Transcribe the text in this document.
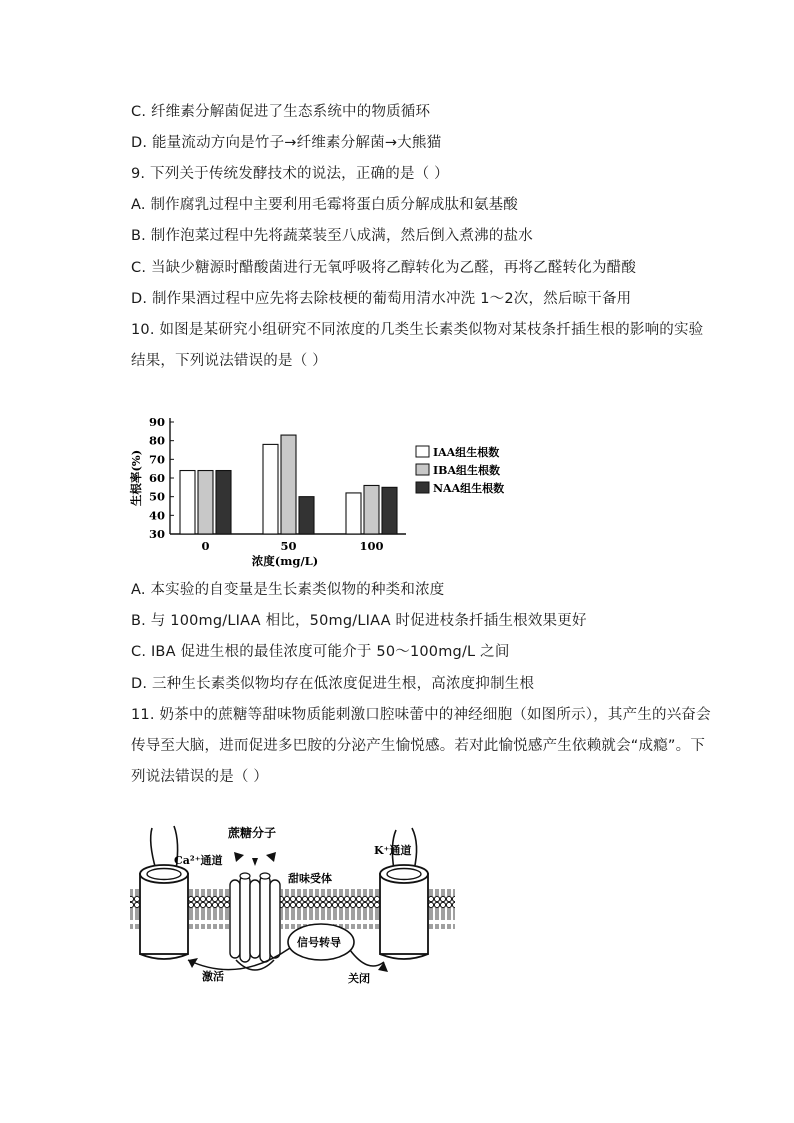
C. 纤维素分解菌促进了生态系统中的物质循环
D. 能量流动方向是竹子→纤维素分解菌→大熊猫
9. 下列关于传统发酵技术的说法，正确的是（ ）
A. 制作腐乳过程中主要利用毛霉将蛋白质分解成肽和氨基酸
B. 制作泡菜过程中先将蔬菜装至八成满，然后倒入煮沸的盐水
C. 当缺少糖源时醋酸菌进行无氧呼吸将乙醇转化为乙醛，再将乙醛转化为醋酸
D. 制作果酒过程中应先将去除枝梗的葡萄用清水冲洗 1～2次，然后晾干备用
10. 如图是某研究小组研究不同浓度的几类生长素类似物对某枝条扦插生根的影响的实验
结果，下列说法错误的是（ ）
30
40
50
60
70
80
90
生根率(%)
0	50	100
浓度(mg/L)
IAA组生根数
IBA组生根数
NAA组生根数
A. 本实验的自变量是生长素类似物的种类和浓度
B. 与 100mg/LIAA 相比，50mg/LIAA 时促进枝条扦插生根效果更好
C. IBA 促进生根的最佳浓度可能介于 50～100mg/L 之间
D. 三种生长素类似物均存在低浓度促进生根，高浓度抑制生根
11. 奶茶中的蔗糖等甜味物质能刺激口腔味蕾中的神经细胞（如图所示），其产生的兴奋会
传导至大脑，进而促进多巴胺的分泌产生愉悦感。若对此愉悦感产生依赖就会“成瘾”。下
列说法错误的是（ ）
蔗糖分子
Ca²⁺通道
K⁺通道
甜味受体
信号转导
激活	关闭
